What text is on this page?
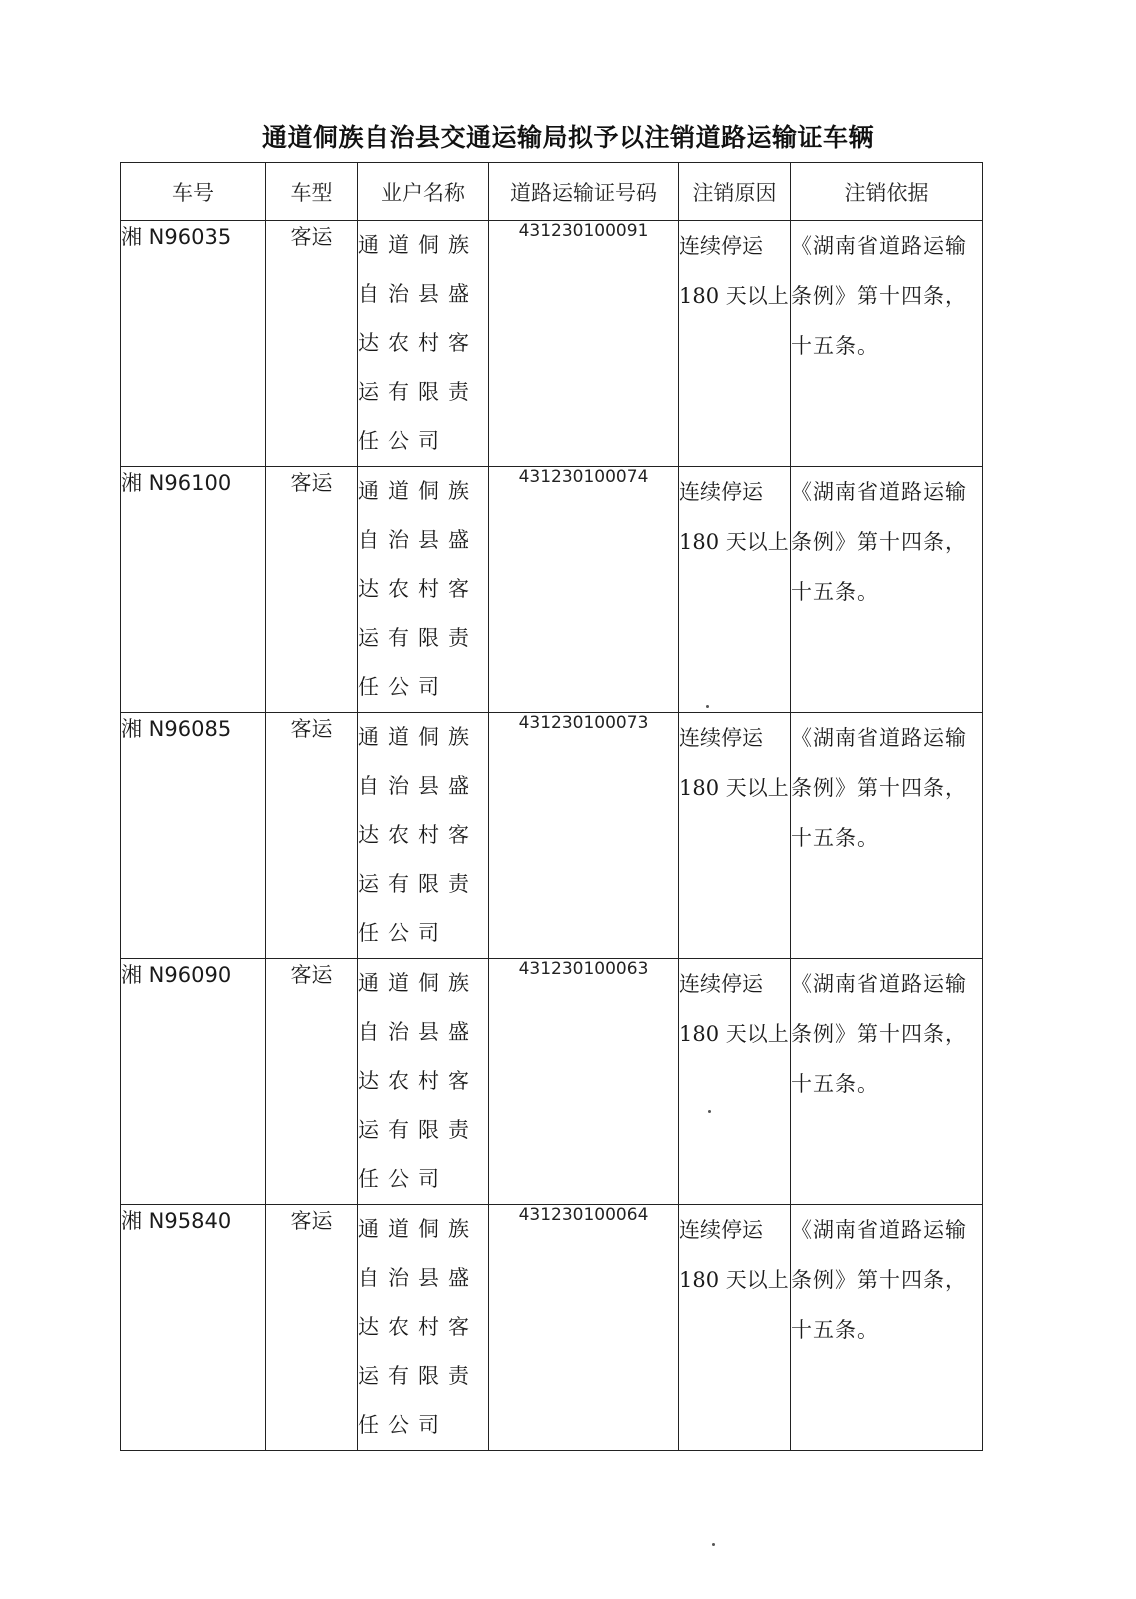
通道侗族自治县交通运输局拟予以注销道路运输证车辆
车号	车型	业户名称	道路运输证号码	注销原因	注销依据
湘 N96035	客运	通道侗族自治县盛达农村客运有限责任公司	431230100091	连续停运 180 天以上	《湖南省道路运输条例》第十四条，十五条。
湘 N96100	客运	通道侗族自治县盛达农村客运有限责任公司	431230100074	连续停运 180 天以上	《湖南省道路运输条例》第十四条，十五条。
湘 N96085	客运	通道侗族自治县盛达农村客运有限责任公司	431230100073	连续停运 180 天以上	《湖南省道路运输条例》第十四条，十五条。
湘 N96090	客运	通道侗族自治县盛达农村客运有限责任公司	431230100063	连续停运 180 天以上	《湖南省道路运输条例》第十四条，十五条。
湘 N95840	客运	通道侗族自治县盛达农村客运有限责任公司	431230100064	连续停运 180 天以上	《湖南省道路运输条例》第十四条，十五条。
